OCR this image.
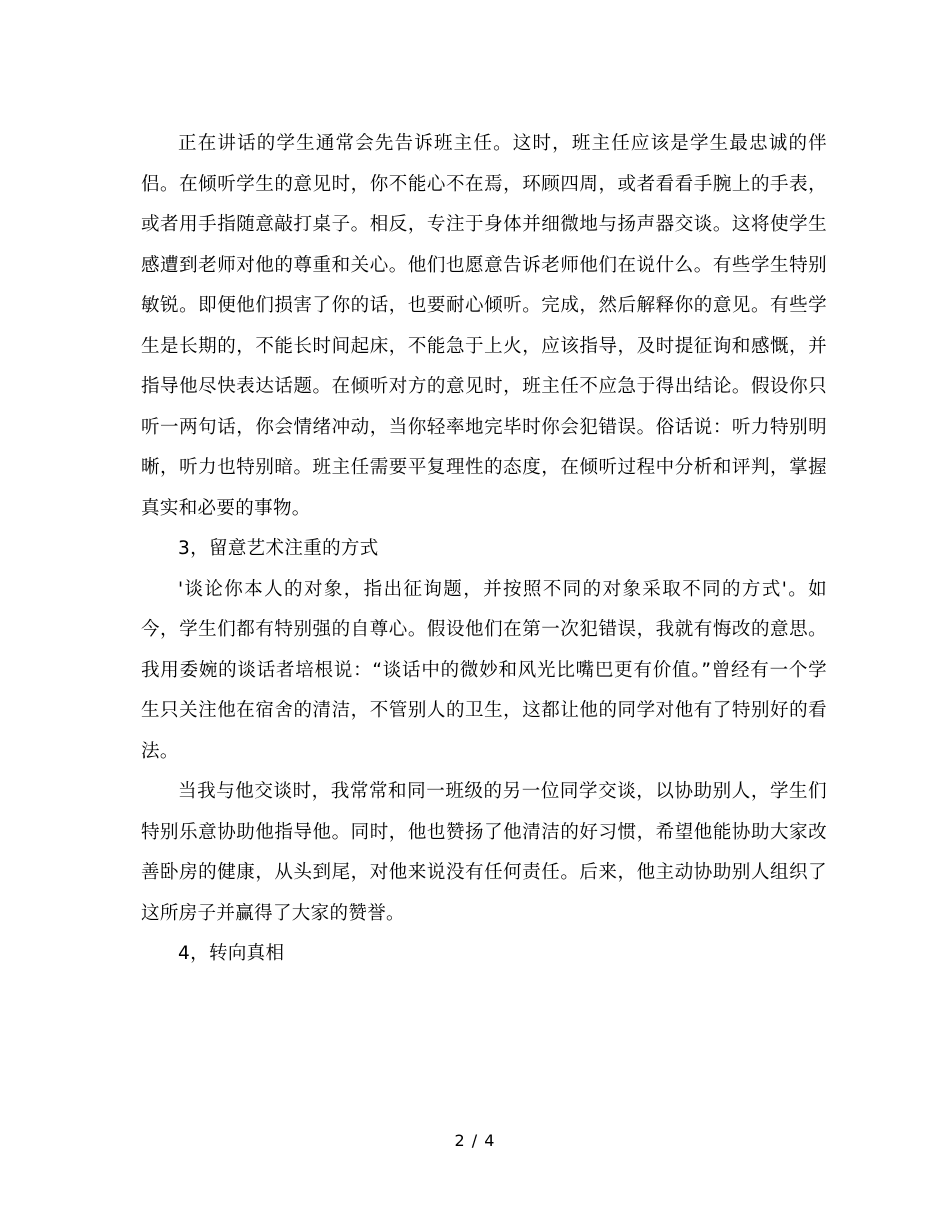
正在讲话的学生通常会先告诉班主任。这时，班主任应该是学生最忠诚的伴侣。在倾听学生的意见时，你不能心不在焉，环顾四周，或者看看手腕上的手表，或者用手指随意敲打桌子。相反，专注于身体并细微地与扬声器交谈。这将使学生感遭到老师对他的尊重和关心。他们也愿意告诉老师他们在说什么。有些学生特别敏锐。即便他们损害了你的话，也要耐心倾听。完成，然后解释你的意见。有些学生是长期的，不能长时间起床，不能急于上火，应该指导，及时提征询和感慨，并指导他尽快表达话题。在倾听对方的意见时，班主任不应急于得出结论。假设你只听一两句话，你会情绪冲动，当你轻率地完毕时你会犯错误。俗话说：听力特别明晰，听力也特别暗。班主任需要平复理性的态度，在倾听过程中分析和评判，掌握真实和必要的事物。

3，留意艺术注重的方式

'谈论你本人的对象，指出征询题，并按照不同的对象采取不同的方式'。如今，学生们都有特别强的自尊心。假设他们在第一次犯错误，我就有悔改的意思。我用委婉的谈话者培根说：“谈话中的微妙和风光比嘴巴更有价值。”曾经有一个学生只关注他在宿舍的清洁，不管别人的卫生，这都让他的同学对他有了特别好的看法。

当我与他交谈时，我常常和同一班级的另一位同学交谈，以协助别人，学生们特别乐意协助他指导他。同时，他也赞扬了他清洁的好习惯，希望他能协助大家改善卧房的健康，从头到尾，对他来说没有任何责任。后来，他主动协助别人组织了这所房子并赢得了大家的赞誉。

4，转向真相

2 / 4
